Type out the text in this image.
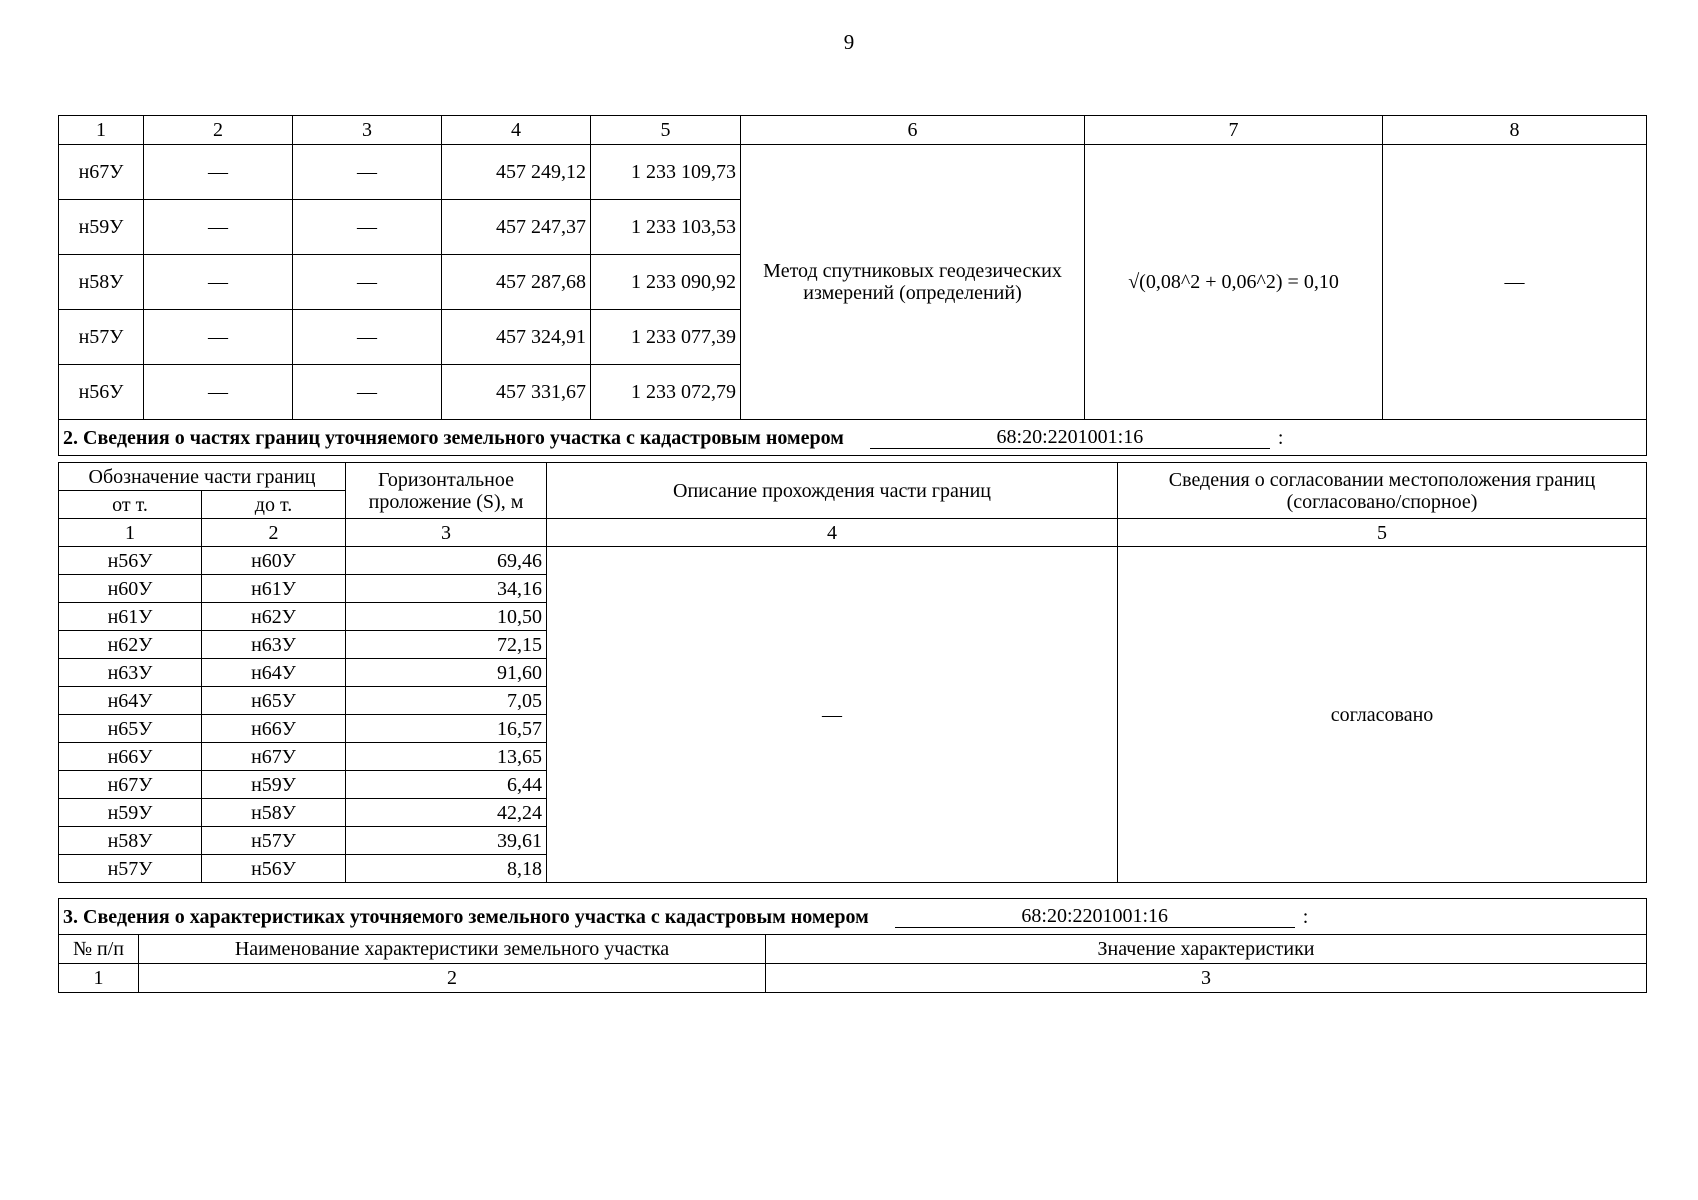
9
1	2	3	4	5	6	7	8
н67У	—	—	457 249,12	1 233 109,73	Метод спутниковых геодезических измерений (определений)	√(0,08^2 + 0,06^2) = 0,10	—
н59У	—	—	457 247,37	1 233 103,53			
н58У	—	—	457 287,68	1 233 090,92			
н57У	—	—	457 324,91	1 233 077,39			
н56У	—	—	457 331,67	1 233 072,79			
2. Сведения о частях границ уточняемого земельного участка с кадастровым номером 68:20:2201001:16 :							
Обозначение части границ		Горизонтальное проложение (S), м	Описание прохождения части границ	Сведения о согласовании местоположения границ (согласовано/спорное)
от т.	до т.			
1	2	3	4	5
н56У	н60У	69,46	—	согласовано
н60У	н61У	34,16		
н61У	н62У	10,50		
н62У	н63У	72,15		
н63У	н64У	91,60		
н64У	н65У	7,05		
н65У	н66У	16,57		
н66У	н67У	13,65		
н67У	н59У	6,44		
н59У	н58У	42,24		
н58У	н57У	39,61		
н57У	н56У	8,18		
3. Сведения о характеристиках уточняемого земельного участка с кадастровым номером 68:20:2201001:16 :		
№ п/п	Наименование характеристики земельного участка	Значение характеристики
1	2	3
